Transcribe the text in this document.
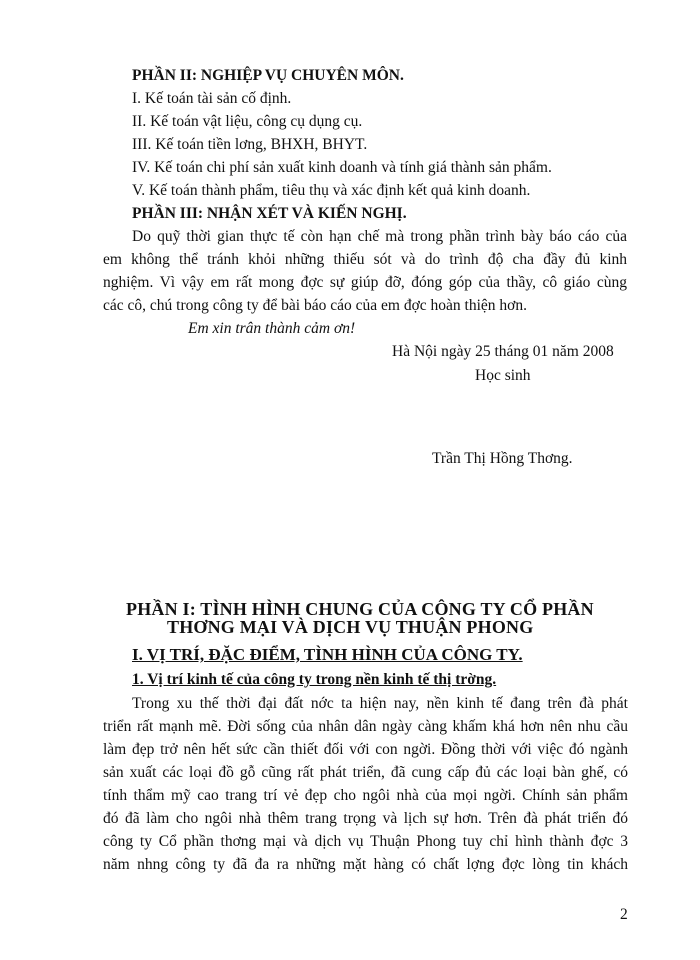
PHẦN II: NGHIỆP VỤ CHUYÊN MÔN.
I. Kế toán tài sản cố định.
II. Kế toán vật liệu, công cụ dụng cụ.
III. Kế toán tiền lơng, BHXH, BHYT.
IV. Kế toán chi phí sản xuất kinh doanh và tính giá thành sản phẩm.
V. Kế toán thành phẩm, tiêu thụ và xác định kết quả kinh doanh.
PHẦN III: NHẬN XÉT VÀ KIẾN NGHỊ.
Do quỹ thời gian thực tế còn hạn chế mà trong phần trình bày báo cáo của
em không thể tránh khỏi những thiếu sót và do trình độ cha đầy đủ kinh
nghiệm. Vì vậy em rất mong đợc sự giúp đỡ, đóng góp của thầy, cô giáo cùng
các cô, chú trong công ty để bài báo cáo của em đợc hoàn thiện hơn.
Em xin trân thành cảm ơn!
Hà Nội ngày 25 tháng 01 năm 2008
Học sinh
Trần Thị Hồng Thơng.
PHẦN I: TÌNH HÌNH CHUNG CỦA CÔNG TY CỔ PHẦN
THƠNG MẠI VÀ DỊCH VỤ THUẬN PHONG
I. VỊ TRÍ, ĐẶC ĐIỂM, TÌNH HÌNH CỦA CÔNG TY.
1. Vị trí kinh tế của công ty trong nền kinh tế thị trờng.
Trong xu thế thời đại đất nớc ta hiện nay, nền kinh tế đang trên đà phát
triển rất mạnh mẽ. Đời sống của nhân dân ngày càng khấm khá hơn nên nhu cầu
làm đẹp trở nên hết sức cần thiết đối với con ngời. Đồng thời với việc đó ngành
sản xuất các loại đồ gỗ cũng rất phát triển, đã cung cấp đủ các loại bàn ghế, có
tính thẩm mỹ cao trang trí vẻ đẹp cho ngôi nhà của mọi ngời. Chính sản phẩm
đó đã làm cho ngôi nhà thêm trang trọng và lịch sự hơn. Trên đà phát triển đó
công ty Cổ phần thơng mại và dịch vụ Thuận Phong tuy chỉ hình thành đợc 3
năm nhng công ty đã đa ra những mặt hàng có chất lợng đợc lòng tin khách
2
